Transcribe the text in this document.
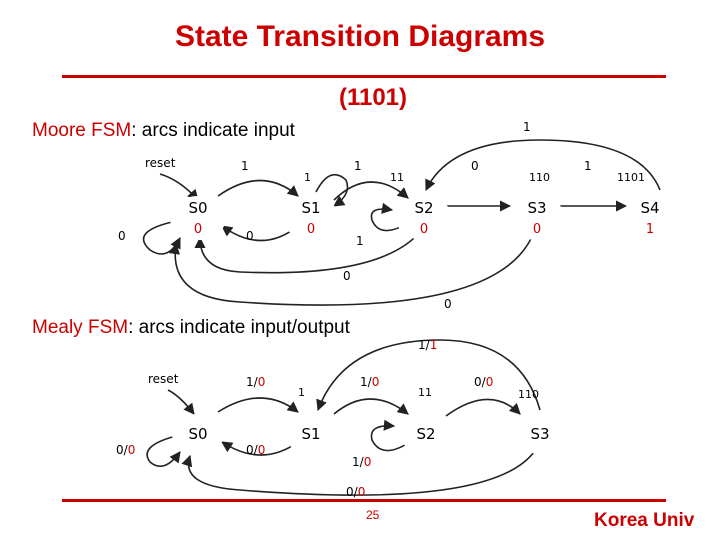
State Transition Diagrams
(1101)
Moore FSM: arcs indicate input
Mealy FSM: arcs indicate input/output
S0
0
S1
0
S2
0
S3
0
S4
1
reset
0
1
0
1	0	1
1
0
0
1
1	11	110	1101
S0	S1	S2	S3
reset
0/0
1/0
0/0
1/0
1/0
0/0
0/0
1/1
1	11	110
25	Korea Univ
